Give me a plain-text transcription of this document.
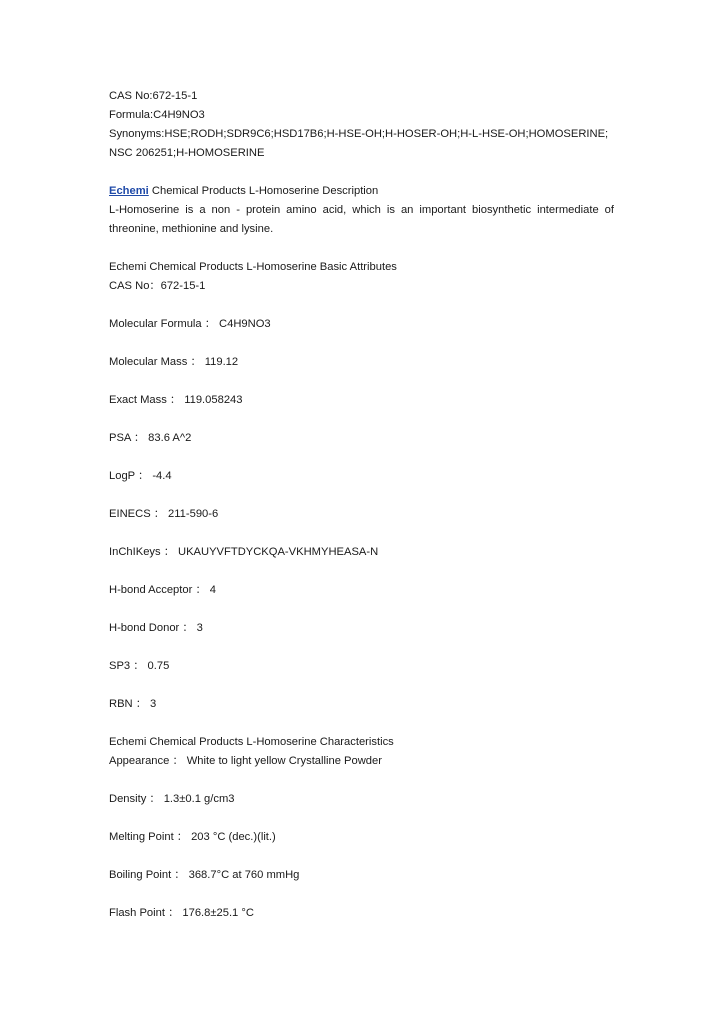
CAS No:672-15-1

Formula:C4H9NO3

Synonyms:HSE;RODH;SDR9C6;HSD17B6;H-HSE-OH;H-HOSER-OH;H-L-HSE-OH;HOMOSERINE;NSC 206251;H-HOMOSERINE

Echemi Chemical Products L-Homoserine Description

L-Homoserine is a non - protein amino acid, which is an important biosynthetic intermediate of threonine, methionine and lysine.

Echemi Chemical Products L-Homoserine Basic Attributes

CAS No：672-15-1

Molecular Formula ： C4H9NO3

Molecular Mass ： 119.12

Exact Mass ： 119.058243

PSA ： 83.6 A^2

LogP ： -4.4

EINECS ： 211-590-6

InChIKeys ： UKAUYVFTDYCKQA-VKHMYHEASA-N

H-bond Acceptor ： 4

H-bond Donor ： 3

SP3 ： 0.75

RBN ： 3

Echemi Chemical Products L-Homoserine Characteristics

Appearance ： White to light yellow Crystalline Powder

Density ： 1.3±0.1 g/cm3

Melting Point ： 203 °C (dec.)(lit.)

Boiling Point ： 368.7°C at 760 mmHg

Flash Point ： 176.8±25.1 °C
